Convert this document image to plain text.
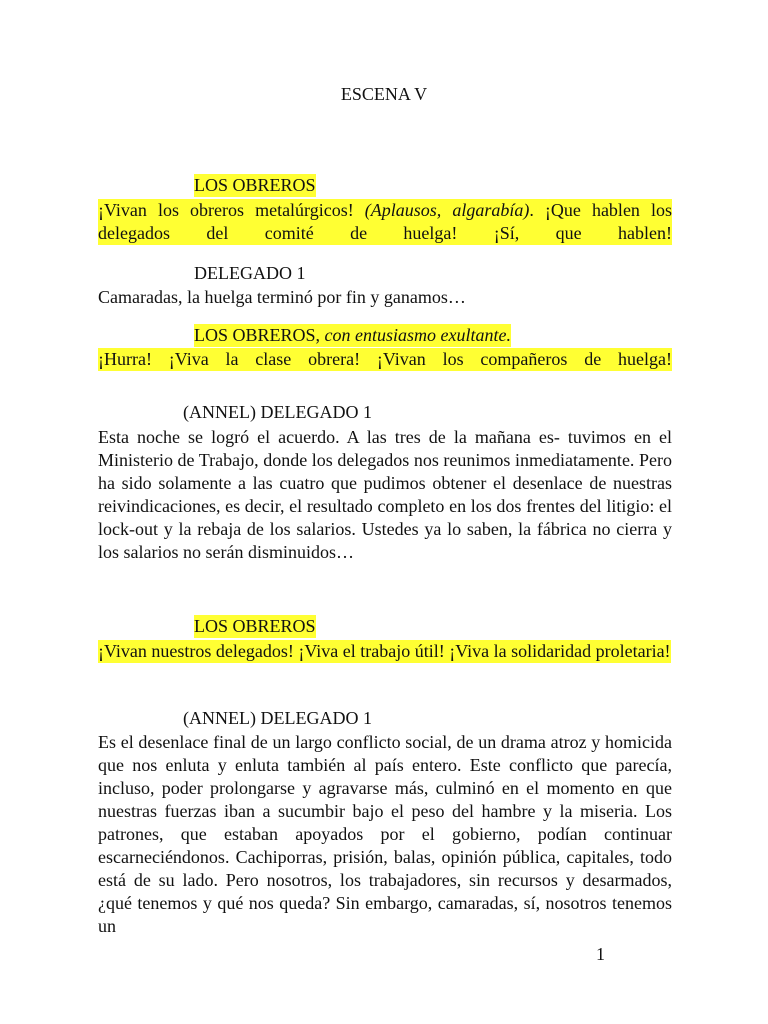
ESCENA V
LOS OBREROS
¡Vivan los obreros metalúrgicos! (Aplausos, algarabía). ¡Que hablen los delegados del comité de huelga! ¡Sí, que hablen!
DELEGADO 1
Camaradas, la huelga terminó por fin y ganamos…
LOS OBREROS, con entusiasmo exultante.
¡Hurra! ¡Viva la clase obrera! ¡Vivan los compañeros de huelga!
(ANNEL) DELEGADO 1
Esta noche se logró el acuerdo. A las tres de la mañana es- tuvimos en el Ministerio de Trabajo, donde los delegados nos reunimos inmediatamente. Pero ha sido solamente a las cuatro que pudimos obtener el desenlace de nuestras reivindicaciones, es decir, el resultado completo en los dos frentes del litigio: el lock-out y la rebaja de los salarios. Ustedes ya lo saben, la fábrica no cierra y los salarios no serán disminuidos…
LOS OBREROS
¡Vivan nuestros delegados! ¡Viva el trabajo útil! ¡Viva la solidaridad proletaria!
(ANNEL) DELEGADO 1
Es el desenlace final de un largo conflicto social, de un drama atroz y homicida que nos enluta y enluta también al país entero. Este conflicto que parecía, incluso, poder prolongarse y agravarse más, culminó en el momento en que nuestras fuerzas iban a sucumbir bajo el peso del hambre y la miseria. Los patrones, que estaban apoyados por el gobierno, podían continuar escarneciéndonos. Cachiporras, prisión, balas, opinión pública, capitales, todo está de su lado. Pero nosotros, los trabajadores, sin recursos y desarmados, ¿qué tenemos y qué nos queda? Sin embargo, camaradas, sí, nosotros tenemos un
1
